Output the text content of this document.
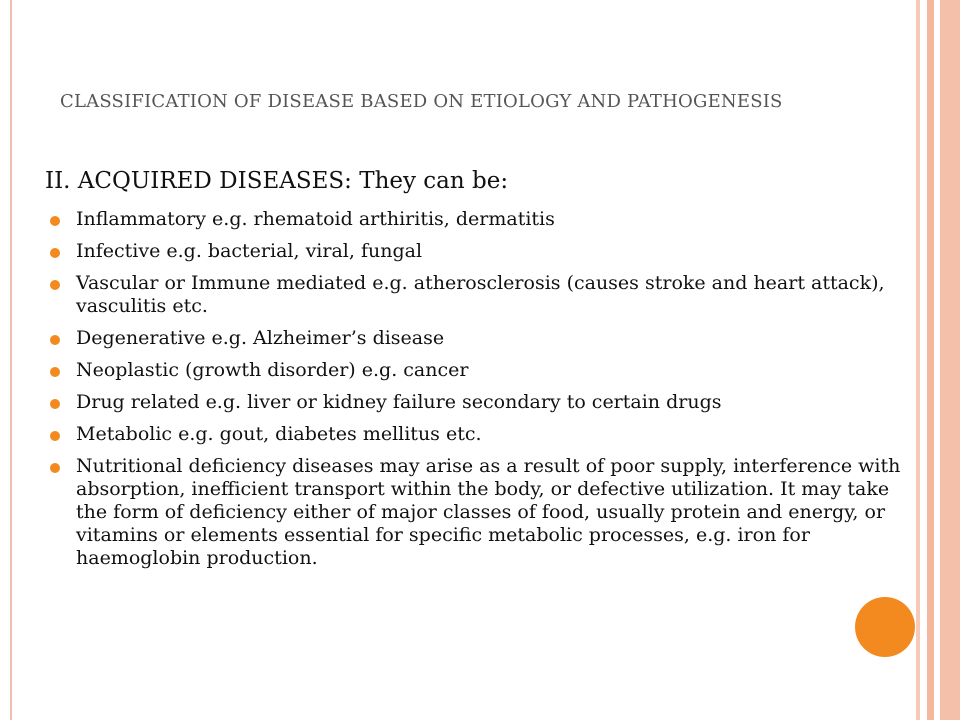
CLASSIFICATION OF DISEASE BASED ON ETIOLOGY AND PATHOGENESIS
II. ACQUIRED DISEASES: They can be:
Inflammatory e.g. rhematoid arthiritis, dermatitis
Infective e.g. bacterial, viral, fungal
Vascular or Immune mediated e.g. atherosclerosis (causes stroke and heart attack), vasculitis etc.
Degenerative e.g. Alzheimer’s disease
Neoplastic (growth disorder) e.g. cancer
Drug related e.g. liver or kidney failure secondary to certain drugs
Metabolic e.g. gout, diabetes mellitus etc.
Nutritional deficiency diseases may arise as a result of poor supply, interference with absorption, inefficient transport within the body, or defective utilization. It may take the form of deficiency either of major classes of food, usually protein and energy, or vitamins or elements essential for specific metabolic processes, e.g. iron for haemoglobin production.
